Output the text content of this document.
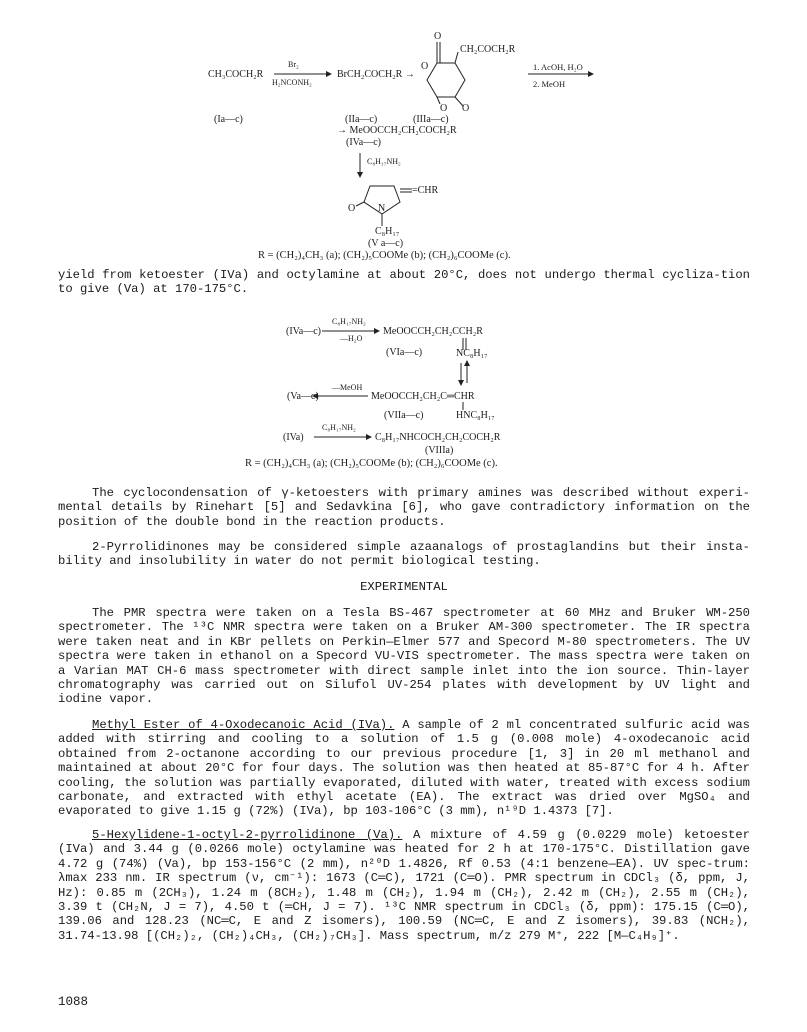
CH₃COCH₂R
Br₂
H₂NCONH₂
(Ia—c)
BrCH₂COCH₂R →
(IIa—c)
O
CH₂COCH₂R
O
O O
(IIIa—c)
1. AcOH, H₂O
2. MeOH
→ MeOOCCH₂CH₂COCH₂R
(IVa—c)
C₈H₁₇NH₂
=CHR
O N
C₈H₁₇
(V a—c)
R = (CH₂)₄CH₃ (a); (CH₂)₅COOMe (b); (CH₂)₆COOMe (c).

yield from ketoester (IVa) and octylamine at about 20°C, does not undergo thermal cycliza-tion to give (Va) at 170-175°C.

(IVa—c)
C₈H₁₇NH₂
—H₂O
MeOOCCH₂CH₂CCH₂R
(VIa—c)	NC₈H₁₇
(Va—c)
—MeOH
MeOOCCH₂CH₂C═CHR
(VIIa—c)	HNC₈H₁₇
(IVa)
C₈H₁₇NH₂
C₈H₁₇NHCOCH₂CH₂COCH₂R
(VIIIa)
R = (CH₂)₄CH₃ (a); (CH₂)₅COOMe (b); (CH₂)₆COOMe (c).

The cyclocondensation of γ-ketoesters with primary amines was described without experi-mental details by Rinehart [5] and Sedavkina [6], who gave contradictory information on the position of the double bond in the reaction products.

2-Pyrrolidinones may be considered simple azaanalogs of prostaglandins but their insta-bility and insolubility in water do not permit biological testing.

EXPERIMENTAL

The PMR spectra were taken on a Tesla BS-467 spectrometer at 60 MHz and Bruker WM-250 spectrometer. The ¹³C NMR spectra were taken on a Bruker AM-300 spectrometer. The IR spectra were taken neat and in KBr pellets on Perkin—Elmer 577 and Specord M-80 spectrometers. The UV spectra were taken in ethanol on a Specord VU-VIS spectrometer. The mass spectra were taken on a Varian MAT CH-6 mass spectrometer with direct sample inlet into the ion source. Thin-layer chromatography was carried out on Silufol UV-254 plates with development by UV light and iodine vapor.

Methyl Ester of 4-Oxodecanoic Acid (IVa). A sample of 2 ml concentrated sulfuric acid was added with stirring and cooling to a solution of 1.5 g (0.008 mole) 4-oxodecanoic acid obtained from 2-octanone according to our previous procedure [1, 3] in 20 ml methanol and maintained at about 20°C for four days. The solution was then heated at 85-87°C for 4 h. After cooling, the solution was partially evaporated, diluted with water, treated with excess sodium carbonate, and extracted with ethyl acetate (EA). The extract was dried over MgSO₄ and evaporated to give 1.15 g (72%) (IVa), bp 103-106°C (3 mm), n¹⁹D 1.4373 [7].

5-Hexylidene-1-octyl-2-pyrrolidinone (Va). A mixture of 4.59 g (0.0229 mole) ketoester (IVa) and 3.44 g (0.0266 mole) octylamine was heated for 2 h at 170-175°C. Distillation gave 4.72 g (74%) (Va), bp 153-156°C (2 mm), n²⁰D 1.4826, Rf 0.53 (4:1 benzene—EA). UV spec-trum: λmax 233 nm. IR spectrum (ν, cm⁻¹): 1673 (C═C), 1721 (C═O). PMR spectrum in CDCl₃ (δ, ppm, J, Hz): 0.85 m (2CH₃), 1.24 m (8CH₂), 1.48 m (CH₂), 1.94 m (CH₂), 2.42 m (CH₂), 2.55 m (CH₂), 3.39 t (CH₂N, J = 7), 4.50 t (═CH, J = 7). ¹³C NMR spectrum in CDCl₃ (δ, ppm): 175.15 (C═O), 139.06 and 128.23 (NC═C, E and Z isomers), 100.59 (NC═C, E and Z isomers), 39.83 (NCH₂), 31.74-13.98 [(CH₂)₂, (CH₂)₄CH₃, (CH₂)₇CH₃]. Mass spectrum, m/z 279 M⁺, 222 [M—C₄H₉]⁺.

1088
